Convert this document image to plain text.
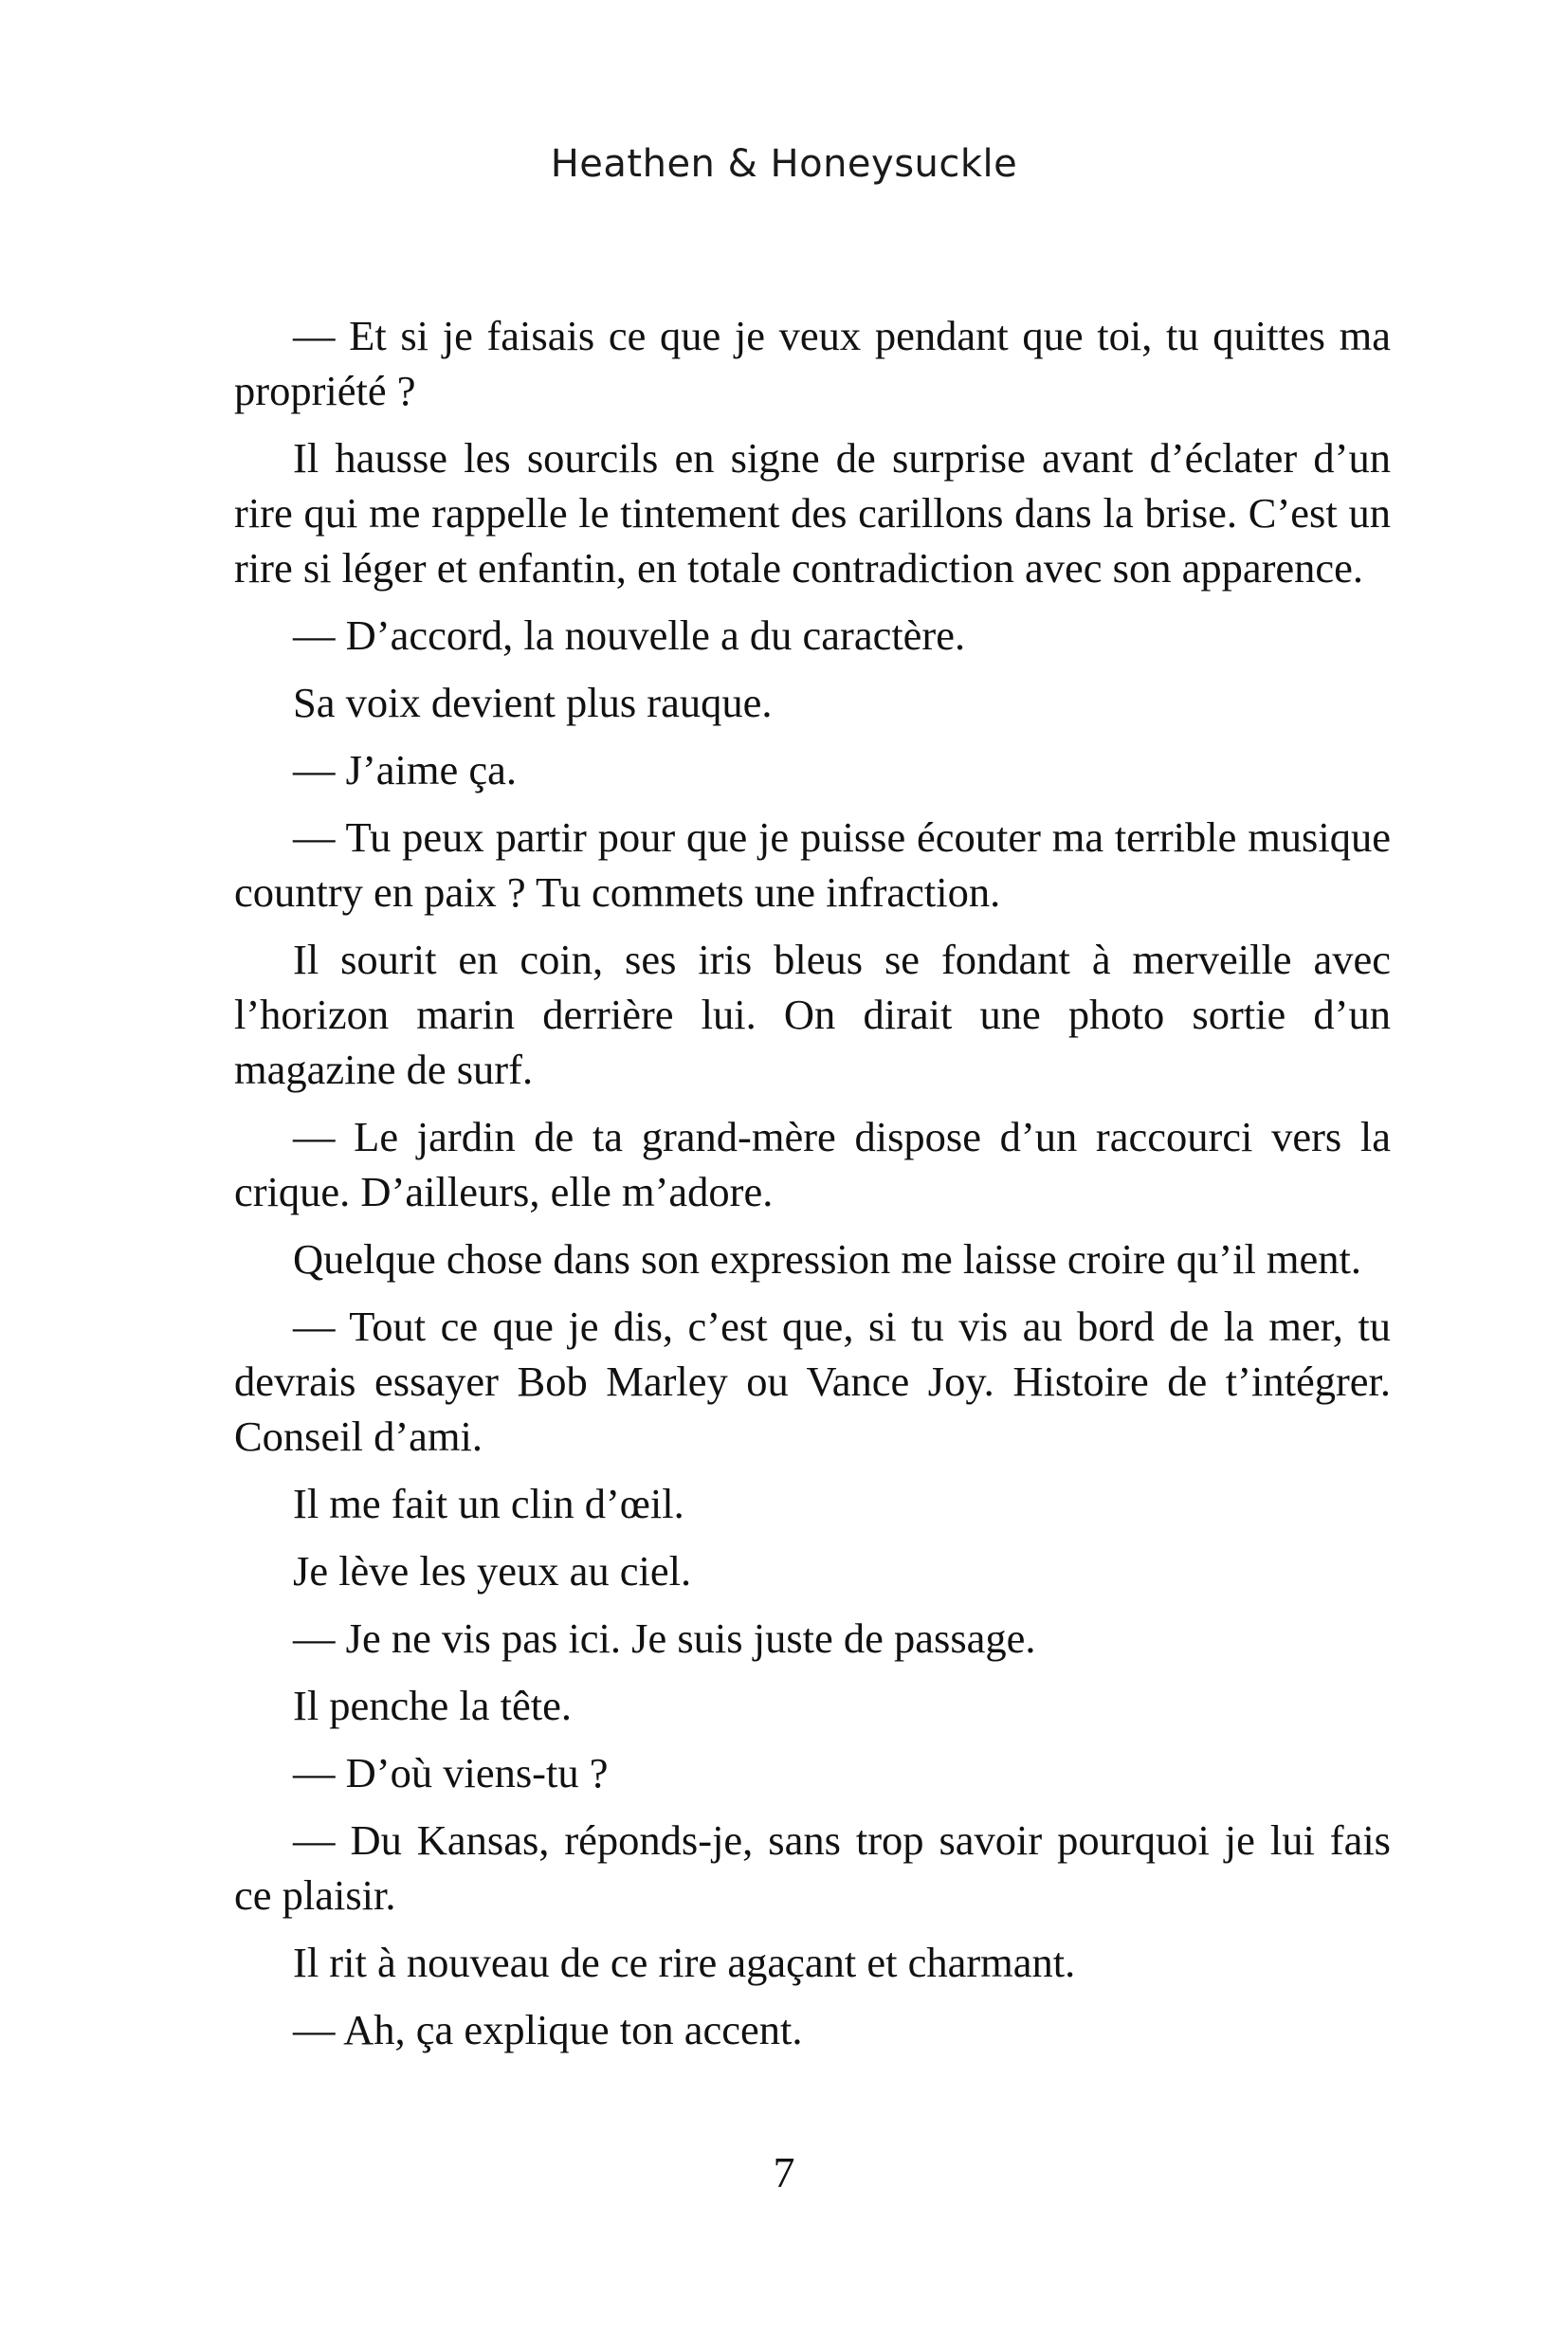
Heathen & Honeysuckle

— Et si je faisais ce que je veux pendant que toi, tu quittes ma propriété ?

Il hausse les sourcils en signe de surprise avant d’éclater d’un rire qui me rappelle le tintement des carillons dans la brise. C’est un rire si léger et enfantin, en totale contradiction avec son apparence.

— D’accord, la nouvelle a du caractère.

Sa voix devient plus rauque.

— J’aime ça.

— Tu peux partir pour que je puisse écouter ma terrible musique country en paix ? Tu commets une infraction.

Il sourit en coin, ses iris bleus se fondant à merveille avec l’horizon marin derrière lui. On dirait une photo sortie d’un magazine de surf.

— Le jardin de ta grand-mère dispose d’un raccourci vers la crique. D’ailleurs, elle m’adore.

Quelque chose dans son expression me laisse croire qu’il ment.

— Tout ce que je dis, c’est que, si tu vis au bord de la mer, tu devrais essayer Bob Marley ou Vance Joy. Histoire de t’intégrer. Conseil d’ami.

Il me fait un clin d’œil.

Je lève les yeux au ciel.

— Je ne vis pas ici. Je suis juste de passage.

Il penche la tête.

— D’où viens-tu ?

— Du Kansas, réponds-je, sans trop savoir pourquoi je lui fais ce plaisir.

Il rit à nouveau de ce rire agaçant et charmant.

— Ah, ça explique ton accent.

7
